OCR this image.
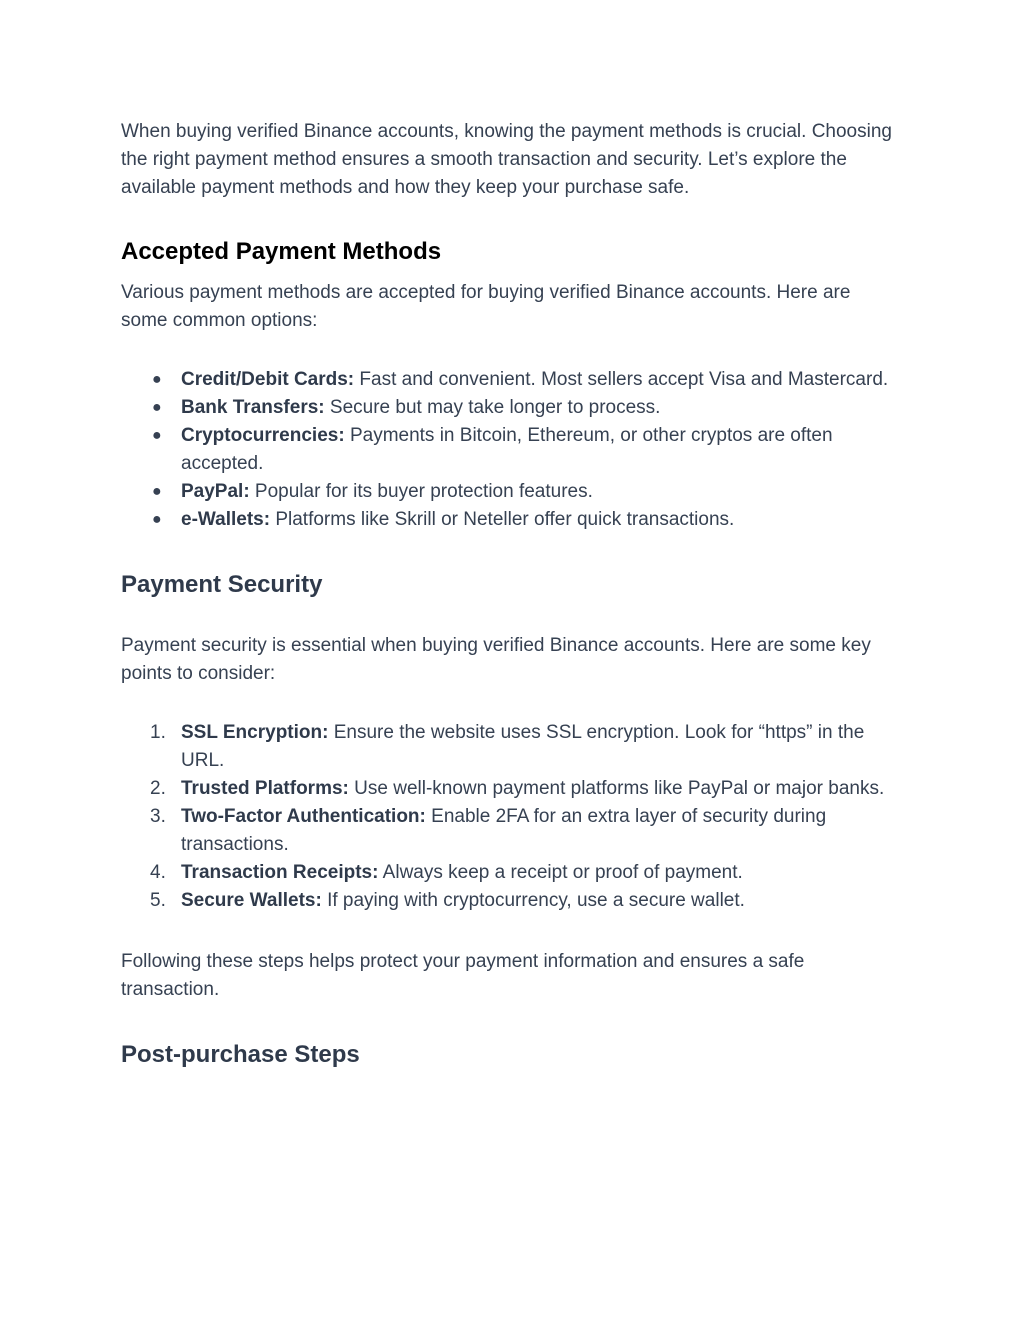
When buying verified Binance accounts, knowing the payment methods is crucial. Choosing the right payment method ensures a smooth transaction and security. Let’s explore the available payment methods and how they keep your purchase safe.

Accepted Payment Methods

Various payment methods are accepted for buying verified Binance accounts. Here are some common options:

● Credit/Debit Cards: Fast and convenient. Most sellers accept Visa and Mastercard.
● Bank Transfers: Secure but may take longer to process.
● Cryptocurrencies: Payments in Bitcoin, Ethereum, or other cryptos are often accepted.
● PayPal: Popular for its buyer protection features.
● e-Wallets: Platforms like Skrill or Neteller offer quick transactions.
Payment Security

Payment security is essential when buying verified Binance accounts. Here are some key points to consider:

1. SSL Encryption: Ensure the website uses SSL encryption. Look for “https” in the URL.
2. Trusted Platforms: Use well-known payment platforms like PayPal or major banks.
3. Two-Factor Authentication: Enable 2FA for an extra layer of security during transactions.
4. Transaction Receipts: Always keep a receipt or proof of payment.
5. Secure Wallets: If paying with cryptocurrency, use a secure wallet.

Following these steps helps protect your payment information and ensures a safe transaction.

Post-purchase Steps
